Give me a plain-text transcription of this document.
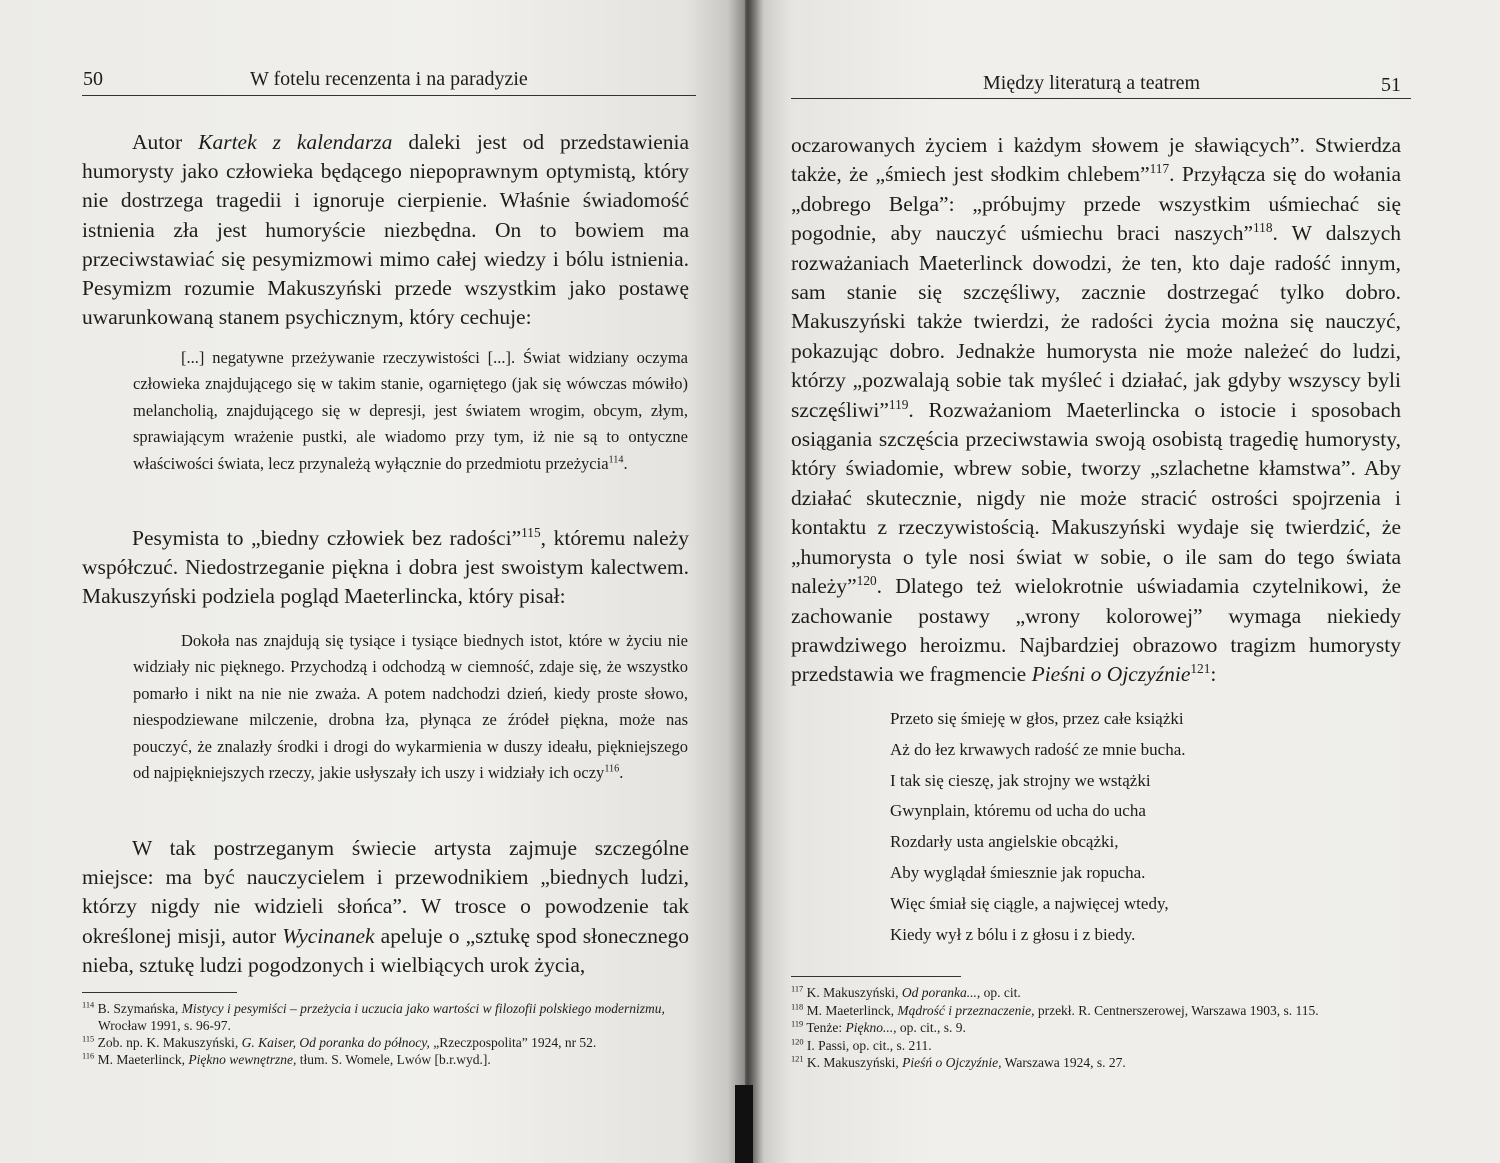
50	W fotelu recenzenta i na paradyzie
Autor Kartek z kalendarza daleki jest od przedstawienia humorysty jako człowieka będącego niepoprawnym optymistą, który nie dostrzega tragedii i ignoruje cierpienie. Właśnie świadomość istnienia zła jest humoryście niezbędna. On to bowiem ma przeciwstawiać się pesymizmowi mimo całej wiedzy i bólu istnienia. Pesymizm rozumie Makuszyński przede wszystkim jako postawę uwarunkowaną stanem psychicznym, który cechuje:
[...] negatywne przeżywanie rzeczywistości [...]. Świat widziany oczyma człowieka znajdującego się w takim stanie, ogarniętego (jak się wówczas mówiło) melancholią, znajdującego się w depresji, jest światem wrogim, obcym, złym, sprawiającym wrażenie pustki, ale wiadomo przy tym, iż nie są to ontyczne właściwości świata, lecz przynależą wyłącznie do przedmiotu przeżycia$^{114}$.
Pesymista to „biedny człowiek bez radości”$^{115}$, któremu należy współczuć. Niedostrzeganie piękna i dobra jest swoistym kalectwem. Makuszyński podziela pogląd Maeterlincka, który pisał:
Dokoła nas znajdują się tysiące i tysiące biednych istot, które w życiu nie widziały nic pięknego. Przychodzą i odchodzą w ciemność, zdaje się, że wszystko pomarło i nikt na nie nie zważa. A potem nadchodzi dzień, kiedy proste słowo, niespodziewane milczenie, drobna łza, płynąca ze źródeł piękna, może nas pouczyć, że znalazły środki i drogi do wykarmienia w duszy ideału, piękniejszego od najpiękniejszych rzeczy, jakie usłyszały ich uszy i widziały ich oczy$^{116}$.
W tak postrzeganym świecie artysta zajmuje szczególne miejsce: ma być nauczycielem i przewodnikiem „biednych ludzi, którzy nigdy nie widzieli słońca”. W trosce o powodzenie tak określonej misji, autor Wycinanek apeluje o „sztukę spod słonecznego nieba, sztukę ludzi pogodzonych i wielbiących urok życia,
$^{114}$ B. Szymańska, Mistycy i pesymiści – przeżycia i uczucia jako wartości w filozofii polskiego modernizmu, Wrocław 1991, s. 96-97.
$^{115}$ Zob. np. K. Makuszyński, G. Kaiser, Od poranka do północy, „Rzeczpospolita” 1924, nr 52.
$^{116}$ M. Maeterlinck, Piękno wewnętrzne, tłum. S. Womele, Lwów [b.r.wyd.].
Między literaturą a teatrem	51
oczarowanych życiem i każdym słowem je sławiących”. Stwierdza także, że „śmiech jest słodkim chlebem”$^{117}$. Przyłącza się do wołania „dobrego Belga”: „próbujmy przede wszystkim uśmiechać się pogodnie, aby nauczyć uśmiechu braci naszych”$^{118}$. W dalszych rozważaniach Maeterlinck dowodzi, że ten, kto daje radość innym, sam stanie się szczęśliwy, zacznie dostrzegać tylko dobro. Makuszyński także twierdzi, że radości życia można się nauczyć, pokazując dobro. Jednakże humorysta nie może należeć do ludzi, którzy „pozwalają sobie tak myśleć i działać, jak gdyby wszyscy byli szczęśliwi”$^{119}$. Rozważaniom Maeterlincka o istocie i sposobach osiągania szczęścia przeciwstawia swoją osobistą tragedię humorysty, który świadomie, wbrew sobie, tworzy „szlachetne kłamstwa”. Aby działać skutecznie, nigdy nie może stracić ostrości spojrzenia i kontaktu z rzeczywistością. Makuszyński wydaje się twierdzić, że „humorysta o tyle nosi świat w sobie, o ile sam do tego świata należy”$^{120}$. Dlatego też wielokrotnie uświadamia czytelnikowi, że zachowanie postawy „wrony kolorowej” wymaga niekiedy prawdziwego heroizmu. Najbardziej obrazowo tragizm humorysty przedstawia we fragmencie Pieśni o Ojczyźnie$^{121}$:
Przeto się śmieję w głos, przez całe książki
Aż do łez krwawych radość ze mnie bucha.
I tak się cieszę, jak strojny we wstążki
Gwynplain, któremu od ucha do ucha
Rozdarły usta angielskie obcążki,
Aby wyglądał śmiesznie jak ropucha.
Więc śmiał się ciągle, a najwięcej wtedy,
Kiedy wył z bólu i z głosu i z biedy.
$^{117}$ K. Makuszyński, Od poranka..., op. cit.
$^{118}$ M. Maeterlinck, Mądrość i przeznaczenie, przekł. R. Centnerszerowej, Warszawa 1903, s. 115.
$^{119}$ Tenże: Piękno..., op. cit., s. 9.
$^{120}$ I. Passi, op. cit., s. 211.
$^{121}$ K. Makuszyński, Pieśń o Ojczyźnie, Warszawa 1924, s. 27.
